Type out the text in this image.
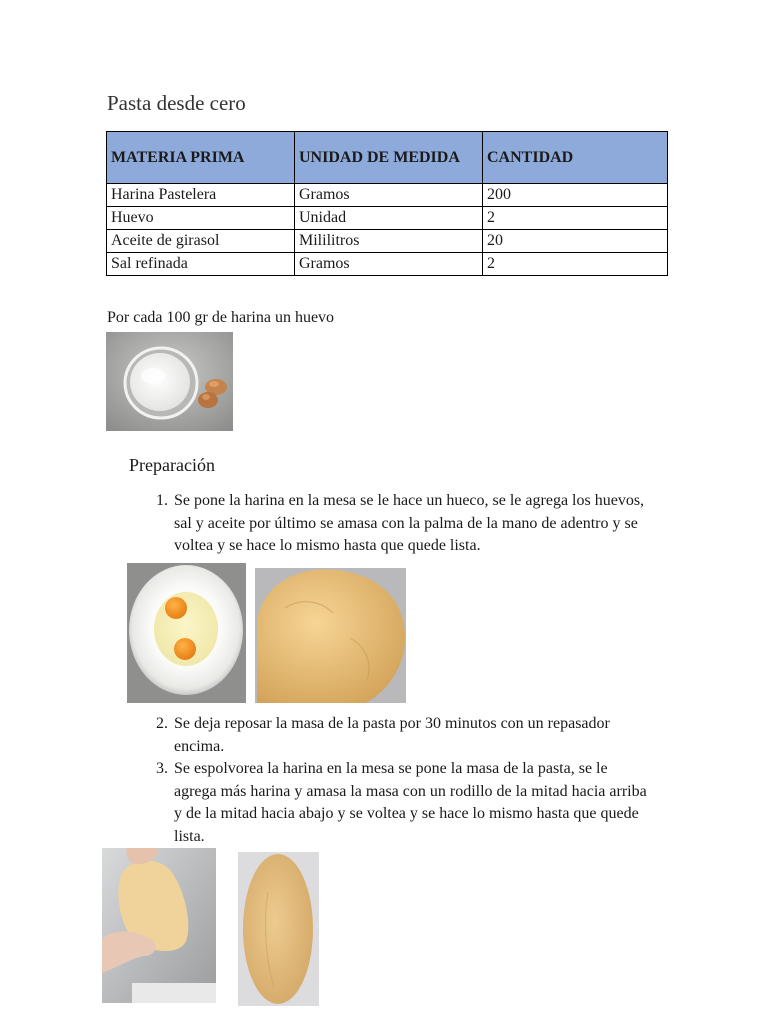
Pasta desde cero
MATERIA PRIMA	UNIDAD DE MEDIDA	CANTIDAD
Harina Pastelera	Gramos	200
Huevo	Unidad	2
Aceite de girasol	Mililitros	20
Sal refinada	Gramos	2
Por cada 100 gr de harina un huevo
Preparación
1. Se pone la harina en la mesa se le hace un hueco, se le agrega los huevos, sal y aceite por último se amasa con la palma de la mano de adentro y se voltea y se hace lo mismo hasta que quede lista.
2. Se deja reposar la masa de la pasta por 30 minutos con un repasador encima.
3. Se espolvorea la harina en la mesa se pone la masa de la pasta, se le agrega más harina y amasa la masa con un rodillo de la mitad hacia arriba y de la mitad hacia abajo y se voltea y se hace lo mismo hasta que quede lista.
